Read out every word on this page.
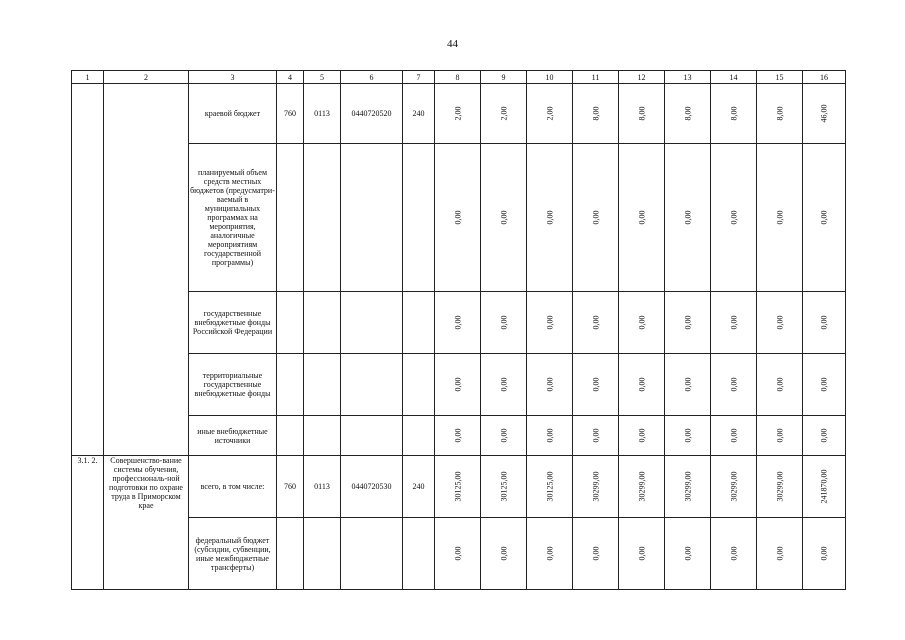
44
1	2	3	4	5	6	7	8	9	10	11	12	13	14	15	16
		краевой бюджет	760	0113	0440720520	240	2,00	2,00	2,00	8,00	8,00	8,00	8,00	8,00	46,00
		планируемый объем средств местных бюджетов (предусматри-ваемый в муниципальных программах на мероприятия, аналогичные мероприятиям государственной программы)					0,00	0,00	0,00	0,00	0,00	0,00	0,00	0,00	0,00
		государственные внебюджетные фонды Российской Федерации					0,00	0,00	0,00	0,00	0,00	0,00	0,00	0,00	0,00
		территориальные государственные внебюджетные фонды					0,00	0,00	0,00	0,00	0,00	0,00	0,00	0,00	0,00
		иные внебюджетные источники					0,00	0,00	0,00	0,00	0,00	0,00	0,00	0,00	0,00
3.1. 2.	Совершенство-вание системы обучения, профессиональ-ной подготовки по охране труда в Приморском крае	всего, в том числе:	760	0113	0440720530	240	30125,00	30125,00	30125,00	30299,00	30299,00	30299,00	30299,00	30299,00	241870,00
		федеральный бюджет (субсидии, субвенции, иные межбюджетные трансферты)					0,00	0,00	0,00	0,00	0,00	0,00	0,00	0,00	0,00
